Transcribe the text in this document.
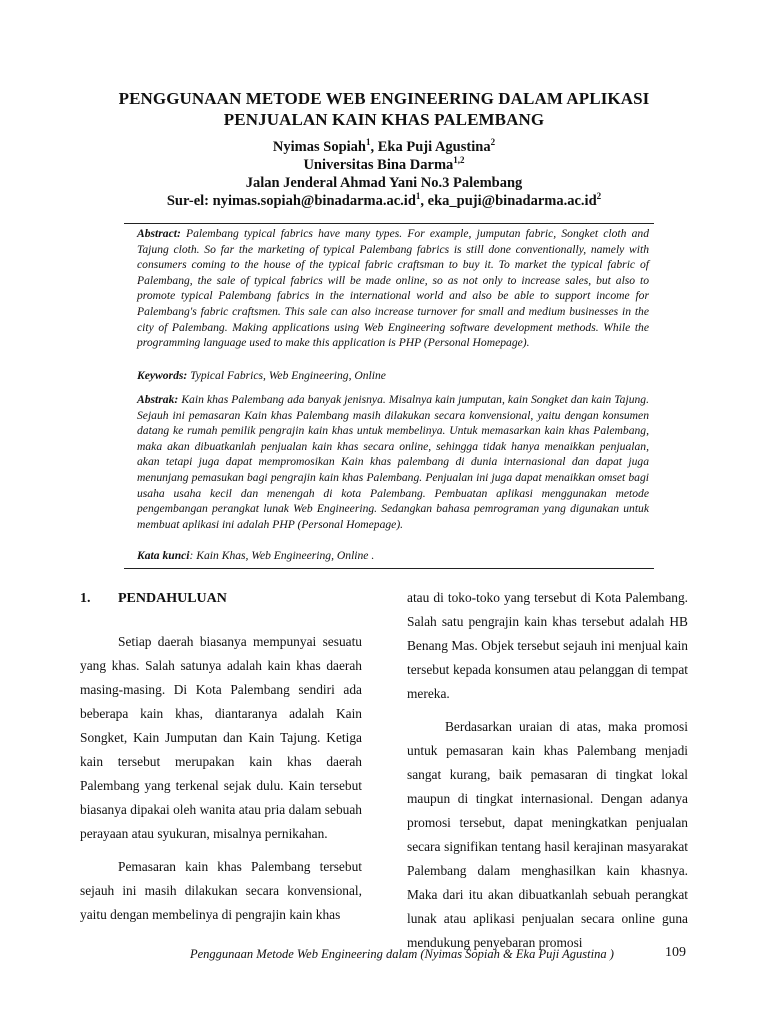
PENGGUNAAN METODE WEB ENGINEERING DALAM APLIKASI
PENJUALAN KAIN KHAS PALEMBANG
Nyimas Sopiah$^1$, Eka Puji Agustina$^2$
Universitas Bina Darma$^{1,2}$
Jalan Jenderal Ahmad Yani No.3 Palembang
Sur-el: $nyimas.sopiah@binadarma.ac.id^1$, $eka\_puji@binadarma.ac.id^2$
Abstract: Palembang typical fabrics have many types. For example, jumputan fabric, Songket cloth and Tajung cloth. So far the marketing of typical Palembang fabrics is still done conventionally, namely with consumers coming to the house of the typical fabric craftsman to buy it. To market the typical fabric of Palembang, the sale of typical fabrics will be made online, so as not only to increase sales, but also to promote typical Palembang fabrics in the international world and also be able to support income for Palembang's fabric craftsmen. This sale can also increase turnover for small and medium businesses in the city of Palembang. Making applications using Web Engineering software development methods. While the programming language used to make this application is PHP (Personal Homepage).
Keywords: Typical Fabrics, Web Engineering, Online
Abstrak: Kain khas Palembang ada banyak jenisnya. Misalnya kain jumputan, kain Songket dan kain Tajung. Sejauh ini pemasaran Kain khas Palembang masih dilakukan secara konvensional, yaitu dengan konsumen datang ke rumah pemilik pengrajin kain khas untuk membelinya. Untuk memasarkan kain khas Palembang, maka akan dibuatkanlah penjualan kain khas secara online, sehingga tidak hanya menaikkan penjualan, akan tetapi juga dapat mempromosikan Kain khas palembang di dunia internasional dan dapat juga menunjang pemasukan bagi pengrajin kain khas Palembang. Penjualan ini juga dapat menaikkan omset bagi usaha usaha kecil dan menengah di kota Palembang. Pembuatan aplikasi menggunakan metode pengembangan perangkat lunak Web Engineering. Sedangkan bahasa pemrograman yang digunakan untuk membuat aplikasi ini adalah PHP (Personal Homepage).
Kata kunci: Kain Khas, Web Engineering, Online .
1. PENDAHULUAN

Setiap daerah biasanya mempunyai sesuatu yang khas. Salah satunya adalah kain khas daerah masing-masing. Di Kota Palembang sendiri ada beberapa kain khas, diantaranya adalah Kain Songket, Kain Jumputan dan Kain Tajung. Ketiga kain tersebut merupakan kain khas daerah Palembang yang terkenal sejak dulu. Kain tersebut biasanya dipakai oleh wanita atau pria dalam sebuah perayaan atau syukuran, misalnya pernikahan.

Pemasaran kain khas Palembang tersebut sejauh ini masih dilakukan secara konvensional, yaitu dengan membelinya di pengrajin kain khas

atau di toko-toko yang tersebut di Kota Palembang. Salah satu pengrajin kain khas tersebut adalah HB Benang Mas. Objek tersebut sejauh ini menjual kain tersebut kepada konsumen atau pelanggan di tempat mereka.

Berdasarkan uraian di atas, maka promosi untuk pemasaran kain khas Palembang menjadi sangat kurang, baik pemasaran di tingkat lokal maupun di tingkat internasional. Dengan adanya promosi tersebut, dapat meningkatkan penjualan secara signifikan tentang hasil kerajinan masyarakat Palembang dalam menghasilkan kain khasnya. Maka dari itu akan dibuatkanlah sebuah perangkat lunak atau aplikasi penjualan secara online guna mendukung penyebaran promosi

Penggunaan Metode Web Engineering dalam (Nyimas Sopiah & Eka Puji Agustina )	109
